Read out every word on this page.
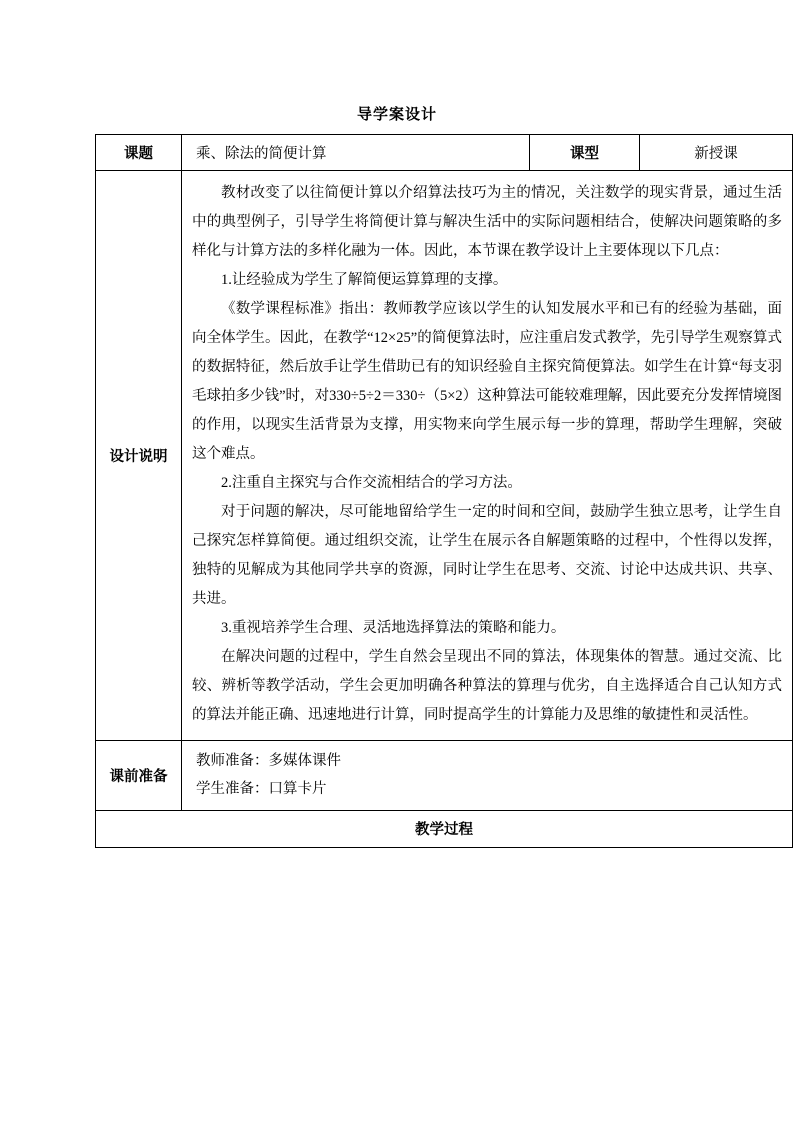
导学案设计
课题	乘、除法的简便计算	课型	新授课
设计说明	

教材改变了以往简便计算以介绍算法技巧为主的情况，关注数学的现实背景，通过生活中的典型例子，引导学生将简便计算与解决生活中的实际问题相结合，使解决问题策略的多样化与计算方法的多样化融为一体。因此，本节课在教学设计上主要体现以下几点：

1.让经验成为学生了解简便运算算理的支撑。

《数学课程标准》指出：教师教学应该以学生的认知发展水平和已有的经验为基础，面向全体学生。因此，在教学“12×25”的简便算法时，应注重启发式教学，先引导学生观察算式的数据特征，然后放手让学生借助已有的知识经验自主探究简便算法。如学生在计算“每支羽毛球拍多少钱”时，对330÷5÷2＝330÷（5×2）这种算法可能较难理解，因此要充分发挥情境图的作用，以现实生活背景为支撑，用实物来向学生展示每一步的算理，帮助学生理解，突破这个难点。

2.注重自主探究与合作交流相结合的学习方法。

对于问题的解决，尽可能地留给学生一定的时间和空间，鼓励学生独立思考，让学生自己探究怎样算简便。通过组织交流，让学生在展示各自解题策略的过程中，个性得以发挥，独特的见解成为其他同学共享的资源，同时让学生在思考、交流、讨论中达成共识、共享、共进。

3.重视培养学生合理、灵活地选择算法的策略和能力。

在解决问题的过程中，学生自然会呈现出不同的算法，体现集体的智慧。通过交流、比较、辨析等教学活动，学生会更加明确各种算法的算理与优劣，自主选择适合自己认知方式的算法并能正确、迅速地进行计算，同时提高学生的计算能力及思维的敏捷性和灵活性。

课前准备	教师准备：多媒体课件
学生准备：口算卡片		

教学过程			
